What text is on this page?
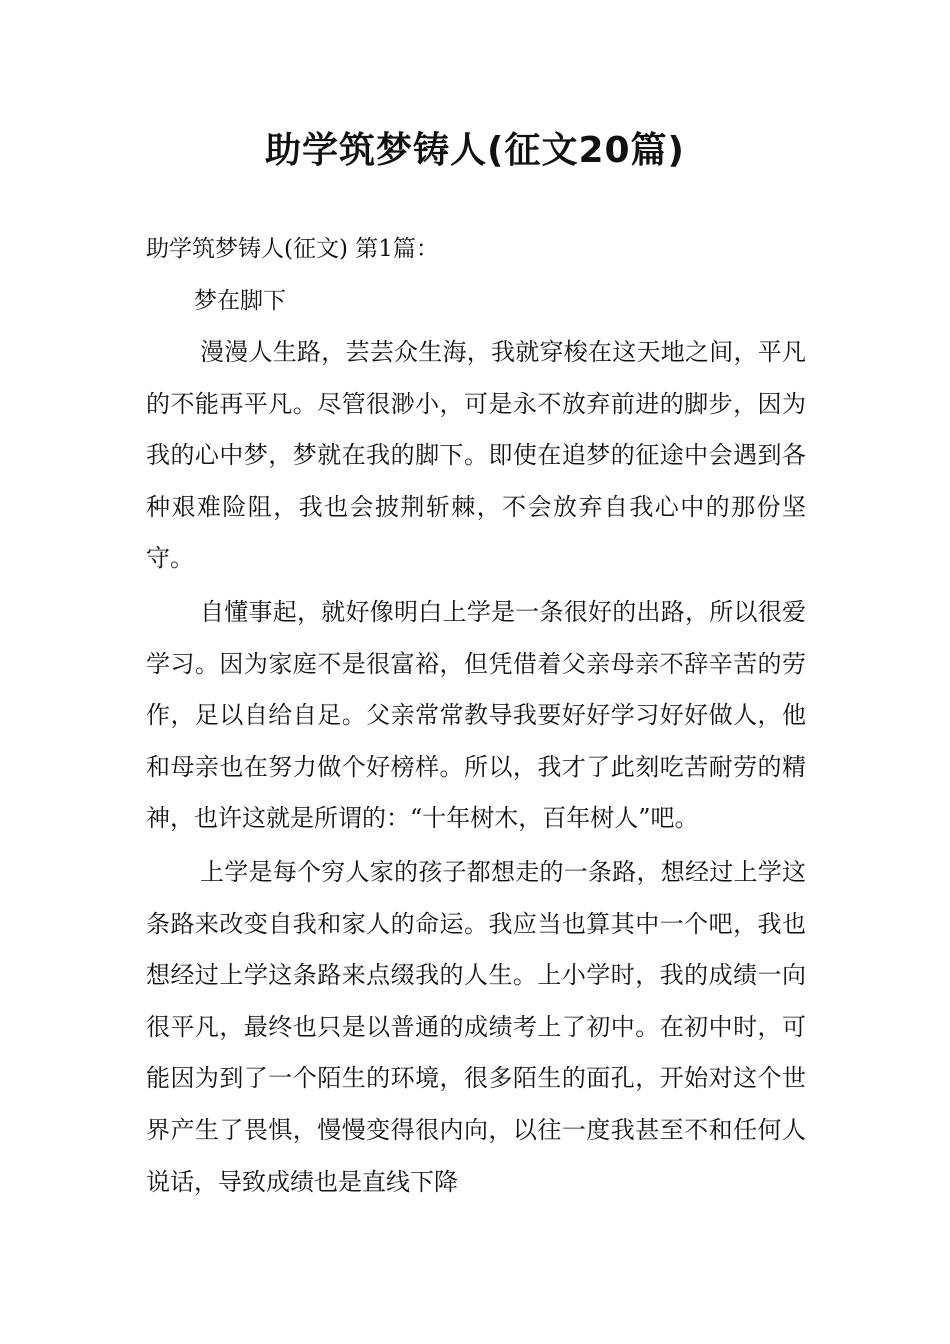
助学筑梦铸人(征文20篇)

助学筑梦铸人(征文) 第1篇：

梦在脚下

漫漫人生路，芸芸众生海，我就穿梭在这天地之间，平凡的不能再平凡。尽管很渺小，可是永不放弃前进的脚步，因为我的心中梦，梦就在我的脚下。即使在追梦的征途中会遇到各种艰难险阻，我也会披荆斩棘，不会放弃自我心中的那份坚守。

自懂事起，就好像明白上学是一条很好的出路，所以很爱学习。因为家庭不是很富裕，但凭借着父亲母亲不辞辛苦的劳作，足以自给自足。父亲常常教导我要好好学习好好做人，他和母亲也在努力做个好榜样。所以，我才了此刻吃苦耐劳的精神，也许这就是所谓的：“十年树木，百年树人”吧。

上学是每个穷人家的孩子都想走的一条路，想经过上学这条路来改变自我和家人的命运。我应当也算其中一个吧，我也想经过上学这条路来点缀我的人生。上小学时，我的成绩一向很平凡，最终也只是以普通的成绩考上了初中。在初中时，可能因为到了一个陌生的环境，很多陌生的面孔，开始对这个世界产生了畏惧，慢慢变得很内向，以往一度我甚至不和任何人说话，导致成绩也是直线下降
